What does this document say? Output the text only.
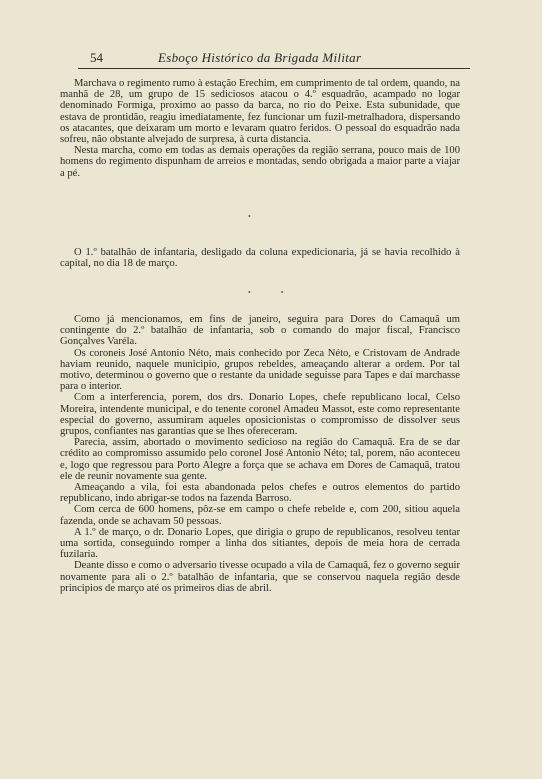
54	Esboço Histórico da Brigada Militar

Marchava o regimento rumo à estação Erechim, em cumprimento de tal ordem, quando, na manhã de 28, um grupo de 15 sediciosos atacou o 4.º esquadrão, acampado no logar denominado Formiga, proximo ao passo da barca, no rio do Peixe. Esta subunidade, que estava de prontidão, reagiu imediatamente, fez funcionar um fuzil-metralhadora, dispersando os atacantes, que deixaram um morto e levaram quatro feridos. O pessoal do esquadrão nada sofreu, não obstante alvejado de surpresa, à curta distancia.

Nesta marcha, como em todas as demais operações da região serrana, pouco mais de 100 homens do regimento dispunham de arreios e montadas, sendo obrigada a maior parte a viajar a pé.

•

O 1.º batalhão de infantaria, desligado da coluna expedicionaria, já se havia recolhido à capital, no dia 18 de março.

• •

Como já mencionamos, em fins de janeiro, seguira para Dores do Camaquã um contingente do 2.º batalhão de infantaria, sob o comando do major fiscal, Francisco Gonçalves Varéla.

Os coroneis José Antonio Néto, mais conhecido por Zeca Néto, e Cristovam de Andrade haviam reunido, naquele municipio, grupos rebeldes, ameaçando alterar a ordem. Por tal motivo, determinou o governo que o restante da unidade seguisse para Tapes e daí marchasse para o interior.

Com a interferencia, porem, dos drs. Donario Lopes, chefe republicano local, Celso Moreira, intendente municipal, e do tenente coronel Amadeu Massot, este como representante especial do governo, assumiram aqueles oposicionistas o compromisso de dissolver seus grupos, confiantes nas garantias que se lhes ofereceram.

Parecia, assim, abortado o movimento sedicioso na região do Camaquã. Era de se dar crédito ao compromisso assumido pelo coronel José Antonio Néto; tal, porem, não aconteceu e, logo que regressou para Porto Alegre a força que se achava em Dores de Camaquã, tratou ele de reunir novamente sua gente.

Ameaçando a vila, foi esta abandonada pelos chefes e outros elementos do partido republicano, indo abrigar-se todos na fazenda Barroso.

Com cerca de 600 homens, pôz-se em campo o chefe rebelde e, com 200, sitiou aquela fazenda, onde se achavam 50 pessoas.

A 1.º de março, o dr. Donario Lopes, que dirigia o grupo de republicanos, resolveu tentar uma sortida, conseguindo romper a linha dos sitiantes, depois de meia hora de cerrada fuzilaria.

Deante disso e como o adversario tivesse ocupado a vila de Camaquã, fez o governo seguir novamente para ali o 2.º batalhão de infantaria, que se conservou naquela região desde principios de março até os primeiros dias de abril.
